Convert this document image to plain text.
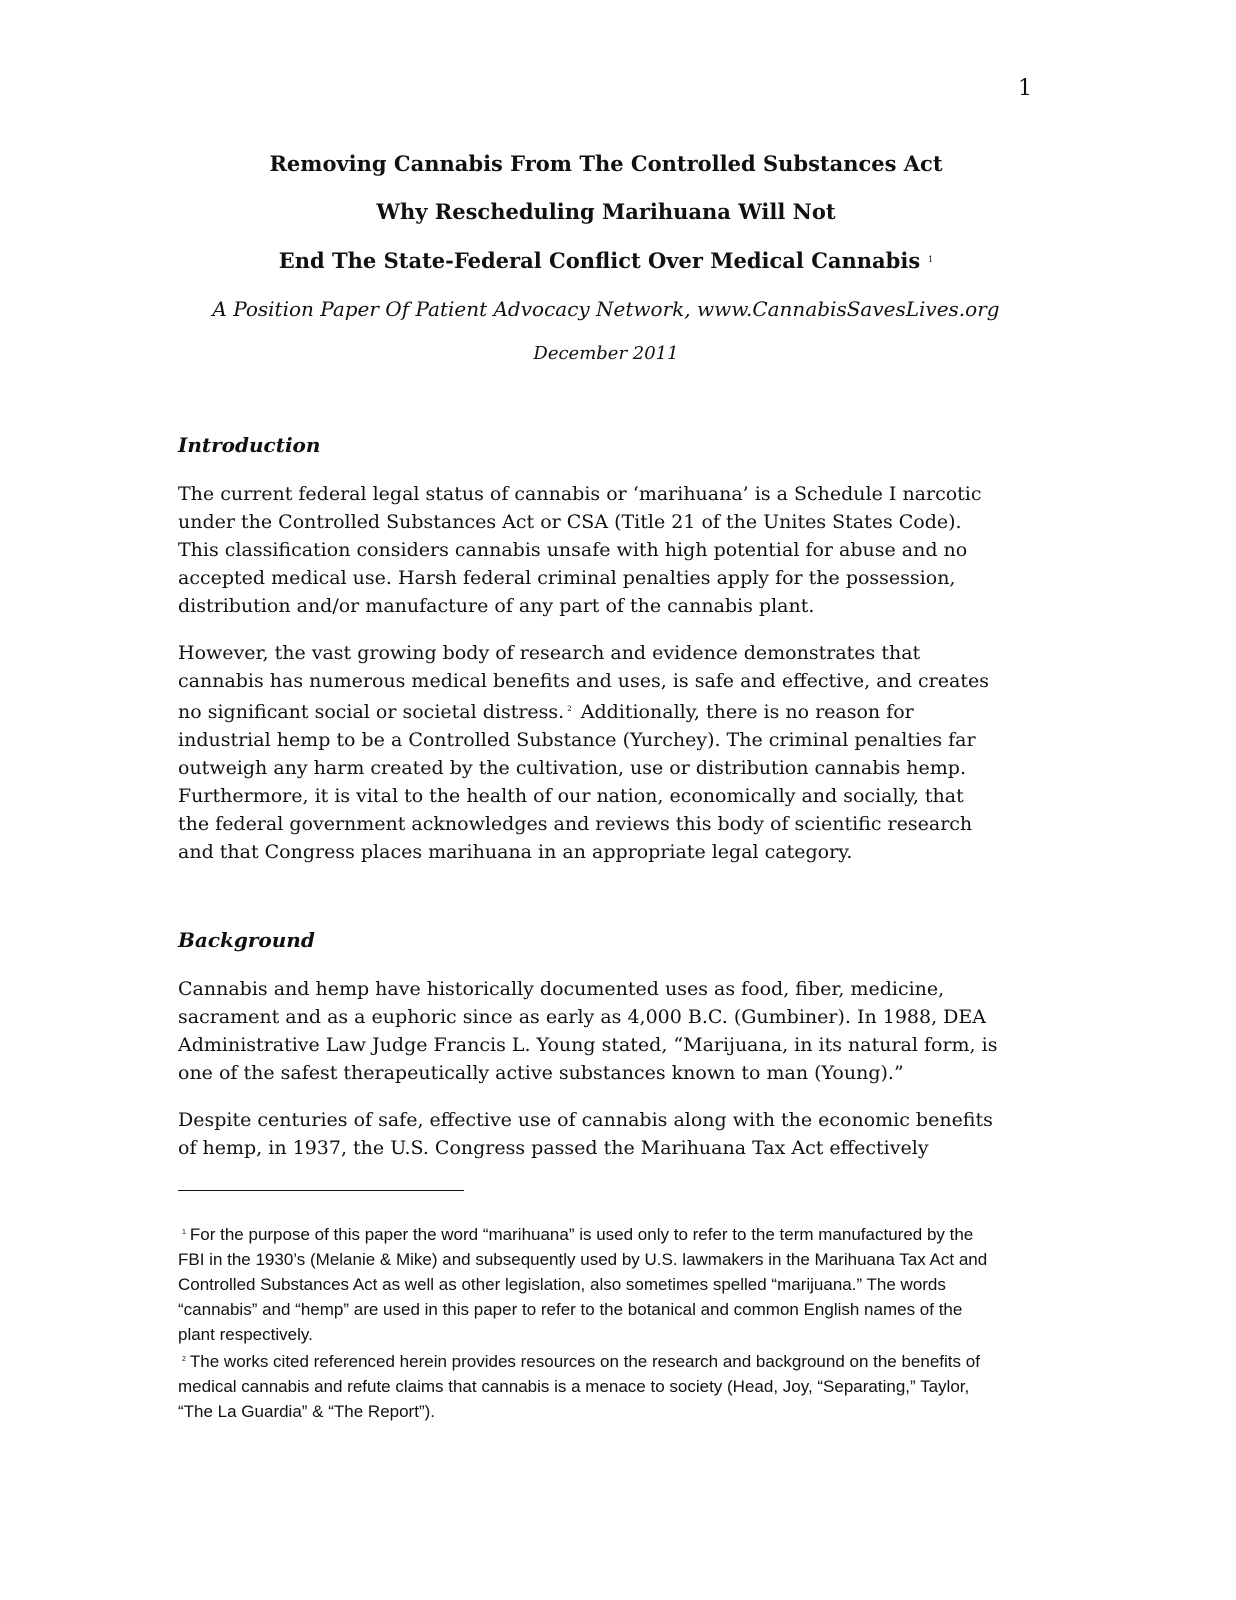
1
Removing Cannabis From The Controlled Substances Act
Why Rescheduling Marihuana Will Not
End The State-Federal Conflict Over Medical Cannabis $^1$
A Position Paper Of Patient Advocacy Network, www.CannabisSavesLives.org
December 2011
Introduction

The current federal legal status of cannabis or ‘marihuana’ is a Schedule I narcotic
under the Controlled Substances Act or CSA (Title 21 of the Unites States Code).
This classification considers cannabis unsafe with high potential for abuse and no
accepted medical use. Harsh federal criminal penalties apply for the possession,
distribution and/or manufacture of any part of the cannabis plant.

However, the vast growing body of research and evidence demonstrates that
cannabis has numerous medical benefits and uses, is safe and effective, and creates
no significant social or societal distress. $^2$ Additionally, there is no reason for
industrial hemp to be a Controlled Substance (Yurchey). The criminal penalties far
outweigh any harm created by the cultivation, use or distribution cannabis hemp.
Furthermore, it is vital to the health of our nation, economically and socially, that
the federal government acknowledges and reviews this body of scientific research
and that Congress places marihuana in an appropriate legal category.

Background

Cannabis and hemp have historically documented uses as food, fiber, medicine,
sacrament and as a euphoric since as early as 4,000 B.C. (Gumbiner). In 1988, DEA
Administrative Law Judge Francis L. Young stated, “Marijuana, in its natural form, is
one of the safest therapeutically active substances known to man (Young).”

Despite centuries of safe, effective use of cannabis along with the economic benefits
of hemp, in 1937, the U.S. Congress passed the Marihuana Tax Act effectively

$^1$ For the purpose of this paper the word “marihuana” is used only to refer to the term manufactured by the
FBI in the 1930’s (Melanie & Mike) and subsequently used by U.S. lawmakers in the Marihuana Tax Act and
Controlled Substances Act as well as other legislation, also sometimes spelled “marijuana.” The words
“cannabis” and “hemp” are used in this paper to refer to the botanical and common English names of the
plant respectively.
$^2$ The works cited referenced herein provides resources on the research and background on the benefits of
medical cannabis and refute claims that cannabis is a menace to society (Head, Joy, “Separating,” Taylor,
“The La Guardia” & “The Report”).
